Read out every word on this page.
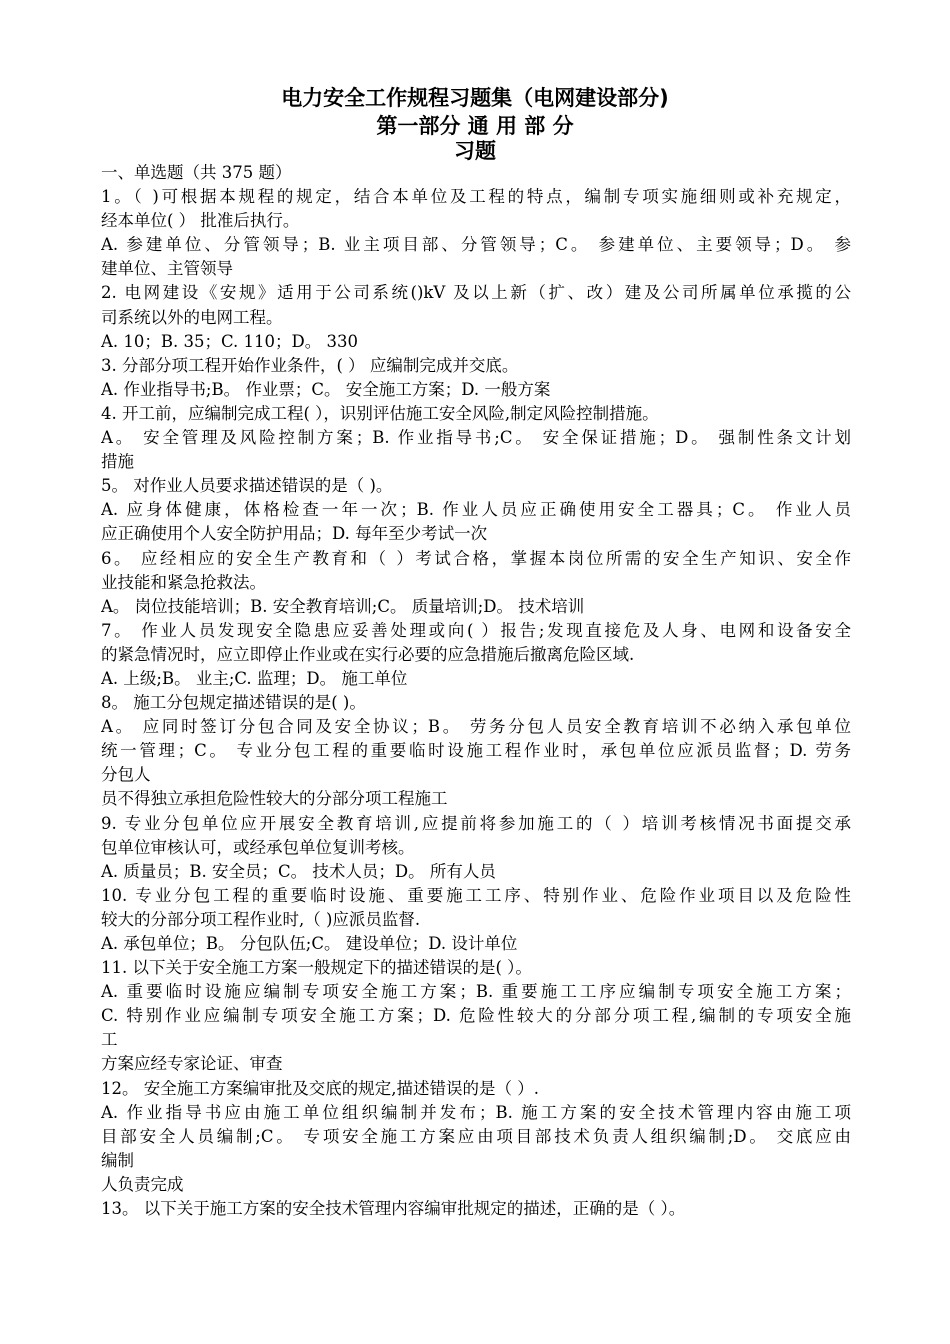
电力安全工作规程习题集（电网建设部分)
第一部分 通 用 部 分
习题
一、单选题（共 375 题）
1。（ )可根据本规程的规定，结合本单位及工程的特点，编制专项实施细则或补充规定，
经本单位( ） 批准后执行。
A. 参建单位、分管领导；B. 业主项目部、分管领导；C。 参建单位、主要领导；D。 参
建单位、主管领导
2. 电网建设《安规》适用于公司系统()kV 及以上新（扩、改）建及公司所属单位承揽的公
司系统以外的电网工程。
A. 10；B. 35；C. 110；D。 330
3. 分部分项工程开始作业条件，( ） 应编制完成并交底。
A. 作业指导书;B。 作业票；C。 安全施工方案；D. 一般方案
4. 开工前，应编制完成工程( ），识别评估施工安全风险,制定风险控制措施。
A。 安全管理及风险控制方案；B. 作业指导书;C。 安全保证措施；D。 强制性条文计划
措施
5。 对作业人员要求描述错误的是（ )。
A. 应身体健康，体格检查一年一次；B. 作业人员应正确使用安全工器具；C。 作业人员
应正确使用个人安全防护用品；D. 每年至少考试一次
6。 应经相应的安全生产教育和（ ）考试合格，掌握本岗位所需的安全生产知识、安全作
业技能和紧急抢救法。
A。 岗位技能培训；B. 安全教育培训;C。 质量培训;D。 技术培训
7。 作业人员发现安全隐患应妥善处理或向( ）报告;发现直接危及人身、电网和设备安全
的紧急情况时，应立即停止作业或在实行必要的应急措施后撤离危险区域.
A. 上级;B。 业主;C. 监理；D。 施工单位
8。 施工分包规定描述错误的是( )。
A。 应同时签订分包合同及安全协议；B。 劳务分包人员安全教育培训不必纳入承包单位
统一管理；C。 专业分包工程的重要临时设施工程作业时，承包单位应派员监督；D. 劳务
分包人
员不得独立承担危险性较大的分部分项工程施工
9. 专业分包单位应开展安全教育培训,应提前将参加施工的（ ）培训考核情况书面提交承
包单位审核认可，或经承包单位复训考核。
A. 质量员；B. 安全员；C。 技术人员；D。 所有人员
10. 专业分包工程的重要临时设施、重要施工工序、特别作业、危险作业项目以及危险性
较大的分部分项工程作业时,（ )应派员监督.
A. 承包单位；B。 分包队伍;C。 建设单位；D. 设计单位
11. 以下关于安全施工方案一般规定下的描述错误的是( ）。
A. 重要临时设施应编制专项安全施工方案；B. 重要施工工序应编制专项安全施工方案；
C. 特别作业应编制专项安全施工方案；D. 危险性较大的分部分项工程,编制的专项安全施
工
方案应经专家论证、审查
12。 安全施工方案编审批及交底的规定,描述错误的是（ ）.
A. 作业指导书应由施工单位组织编制并发布；B. 施工方案的安全技术管理内容由施工项
目部安全人员编制;C。 专项安全施工方案应由项目部技术负责人组织编制;D。 交底应由
编制
人负责完成
13。 以下关于施工方案的安全技术管理内容编审批规定的描述，正确的是（ ）。
